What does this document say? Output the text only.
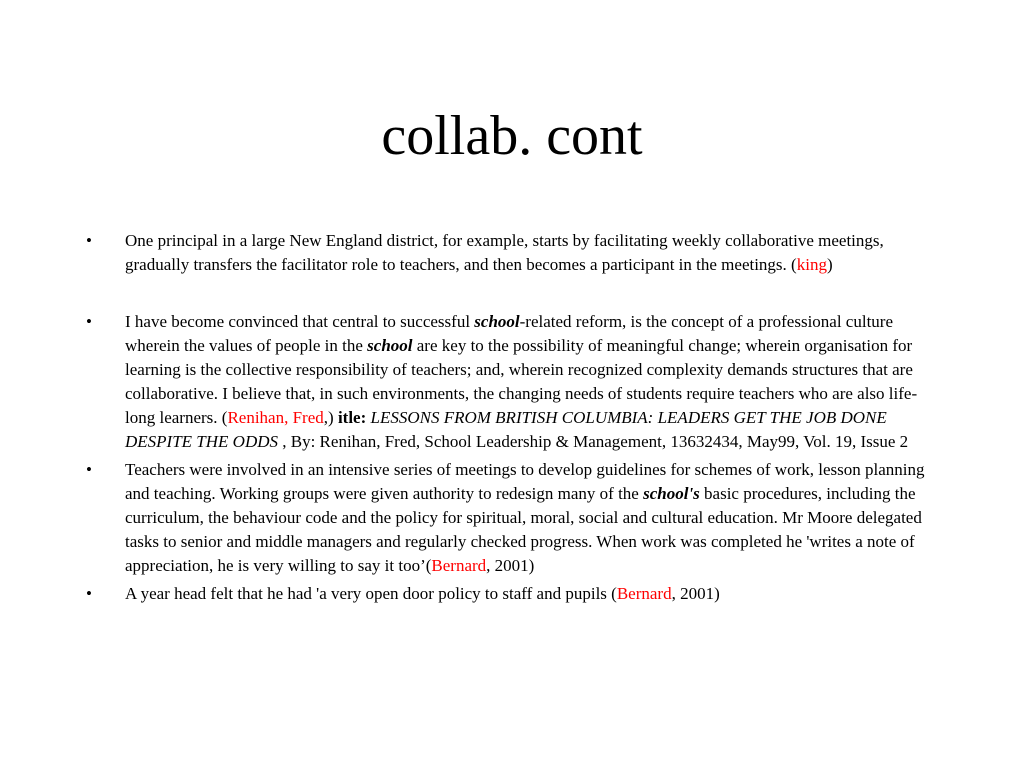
collab. cont
• One principal in a large New England district, for example, starts by facilitating weekly collaborative meetings, gradually transfers the facilitator role to teachers, and then becomes a participant in the meetings. (king)
• I have become convinced that central to successful school-related reform, is the concept of a professional culture wherein the values of people in the school are key to the possibility of meaningful change; wherein organisation for learning is the collective responsibility of teachers; and, wherein recognized complexity demands structures that are collaborative. I believe that, in such environments, the changing needs of students require teachers who are also life-long learners. (Renihan, Fred,) itle: LESSONS FROM BRITISH COLUMBIA: LEADERS GET THE JOB DONE DESPITE THE ODDS , By: Renihan, Fred, School Leadership & Management, 13632434, May99, Vol. 19, Issue 2
• Teachers were involved in an intensive series of meetings to develop guidelines for schemes of work, lesson planning and teaching. Working groups were given authority to redesign many of the school's basic procedures, including the curriculum, the behaviour code and the policy for spiritual, moral, social and cultural education. Mr Moore delegated tasks to senior and middle managers and regularly checked progress. When work was completed he 'writes a note of appreciation, he is very willing to say it too’(Bernard, 2001)
• A year head felt that he had 'a very open door policy to staff and pupils (Bernard, 2001)
